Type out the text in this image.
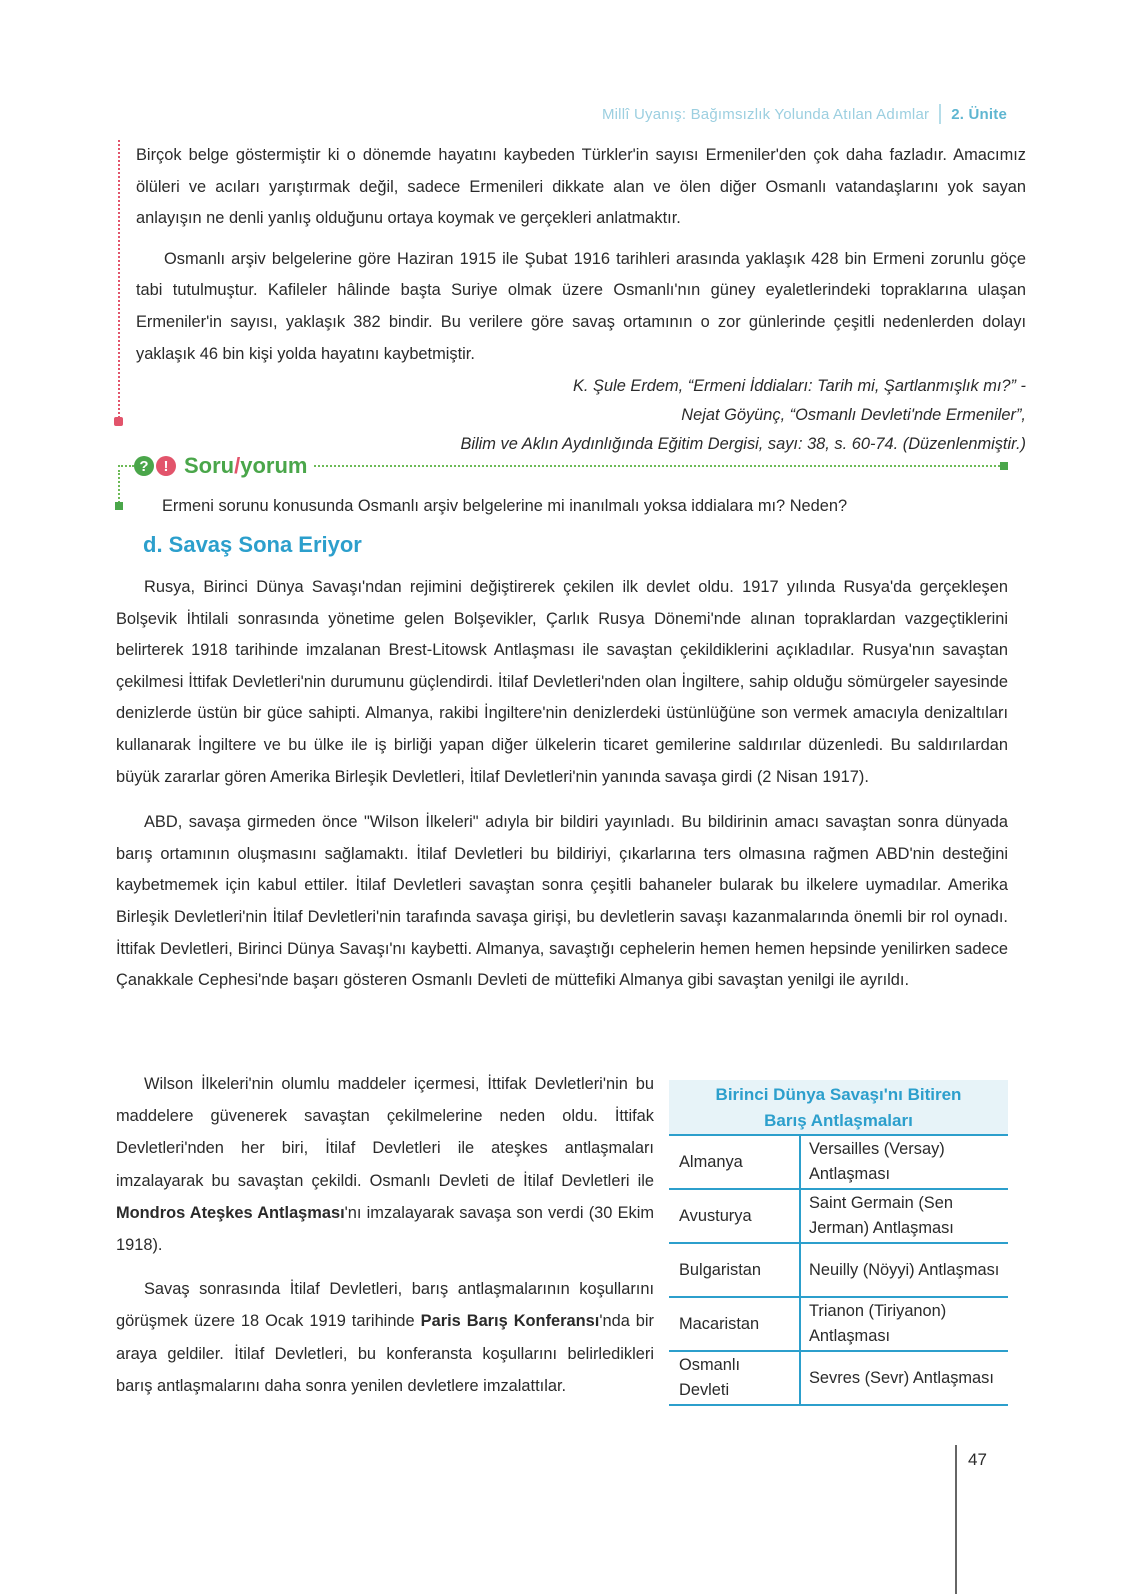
Millî Uyanış: Bağımsızlık Yolunda Atılan Adımlar 2. Ünite

Birçok belge göstermiştir ki o dönemde hayatını kaybeden Türkler'in sayısı Ermeniler'den çok daha fazladır. Amacımız ölüleri ve acıları yarıştırmak değil, sadece Ermenileri dikkate alan ve ölen diğer Osmanlı vatandaşlarını yok sayan anlayışın ne denli yanlış olduğunu ortaya koymak ve gerçekleri anlatmaktır.

Osmanlı arşiv belgelerine göre Haziran 1915 ile Şubat 1916 tarihleri arasında yaklaşık 428 bin Ermeni zorunlu göçe tabi tutulmuştur. Kafileler hâlinde başta Suriye olmak üzere Osmanlı'nın güney eyaletlerindeki topraklarına ulaşan Ermeniler'in sayısı, yaklaşık 382 bindir. Bu verilere göre savaş ortamının o zor günlerinde çeşitli nedenlerden dolayı yaklaşık 46 bin kişi yolda hayatını kaybetmiştir.

K. Şule Erdem, “Ermeni İddiaları: Tarih mi, Şartlanmışlık mı?” -
Nejat Göyünç, “Osmanlı Devleti'nde Ermeniler”,
Bilim ve Aklın Aydınlığında Eğitim Dergisi, sayı: 38, s. 60-74. (Düzenlenmiştir.)
? ! Soru/yorum

Ermeni sorunu konusunda Osmanlı arşiv belgelerine mi inanılmalı yoksa iddialara mı? Neden?

d. Savaş Sona Eriyor

Rusya, Birinci Dünya Savaşı'ndan rejimini değiştirerek çekilen ilk devlet oldu. 1917 yılında Rusya'da gerçekleşen Bolşevik İhtilali sonrasında yönetime gelen Bolşevikler, Çarlık Rusya Dönemi'nde alınan topraklardan vazgeçtiklerini belirterek 1918 tarihinde imzalanan Brest-Litowsk Antlaşması ile savaştan çekildiklerini açıkladılar. Rusya'nın savaştan çekilmesi İttifak Devletleri'nin durumunu güçlendirdi. İtilaf Devletleri'nden olan İngiltere, sahip olduğu sömürgeler sayesinde denizlerde üstün bir güce sahipti. Almanya, rakibi İngiltere'nin denizlerdeki üstünlüğüne son vermek amacıyla denizaltıları kullanarak İngiltere ve bu ülke ile iş birliği yapan diğer ülkelerin ticaret gemilerine saldırılar düzenledi. Bu saldırılardan büyük zararlar gören Amerika Birleşik Devletleri, İtilaf Devletleri'nin yanında savaşa girdi (2 Nisan 1917).

ABD, savaşa girmeden önce "Wilson İlkeleri" adıyla bir bildiri yayınladı. Bu bildirinin amacı savaştan sonra dünyada barış ortamının oluşmasını sağlamaktı. İtilaf Devletleri bu bildiriyi, çıkarlarına ters olmasına rağmen ABD'nin desteğini kaybetmemek için kabul ettiler. İtilaf Devletleri savaştan sonra çeşitli bahaneler bularak bu ilkelere uymadılar. Amerika Birleşik Devletleri'nin İtilaf Devletleri'nin tarafında savaşa girişi, bu devletlerin savaşı kazanmalarında önemli bir rol oynadı. İttifak Devletleri, Birinci Dünya Savaşı'nı kaybetti. Almanya, savaştığı cephelerin hemen hemen hepsinde yenilirken sadece Çanakkale Cephesi'nde başarı gösteren Osmanlı Devleti de müttefiki Almanya gibi savaştan yenilgi ile ayrıldı.

Wilson İlkeleri'nin olumlu maddeler içermesi, İttifak Devletleri'nin bu maddelere güvenerek savaştan çekilmelerine neden oldu. İttifak Devletleri'nden her biri, İtilaf Devletleri ile ateşkes antlaşmaları imzalayarak bu savaştan çekildi. Osmanlı Devleti de İtilaf Devletleri ile Mondros Ateşkes Antlaşması'nı imzalayarak savaşa son verdi (30 Ekim 1918).

Savaş sonrasında İtilaf Devletleri, barış antlaşmalarının koşullarını görüşmek üzere 18 Ocak 1919 tarihinde Paris Barış Konferansı'nda bir araya geldiler. İtilaf Devletleri, bu konferansta koşullarını belirledikleri barış antlaşmalarını daha sonra yenilen devletlere imzalattılar.

Birinci Dünya Savaşı'nı Bitiren
Barış Antlaşmaları
Almanya	Versailles (Versay) Antlaşması
Avusturya	Saint Germain (Sen Jerman) Antlaşması
Bulgaristan	Neuilly (Nöyyi) Antlaşması
Macaristan	Trianon (Tiriyanon) Antlaşması
Osmanlı Devleti	Sevres (Sevr) Antlaşması
47
